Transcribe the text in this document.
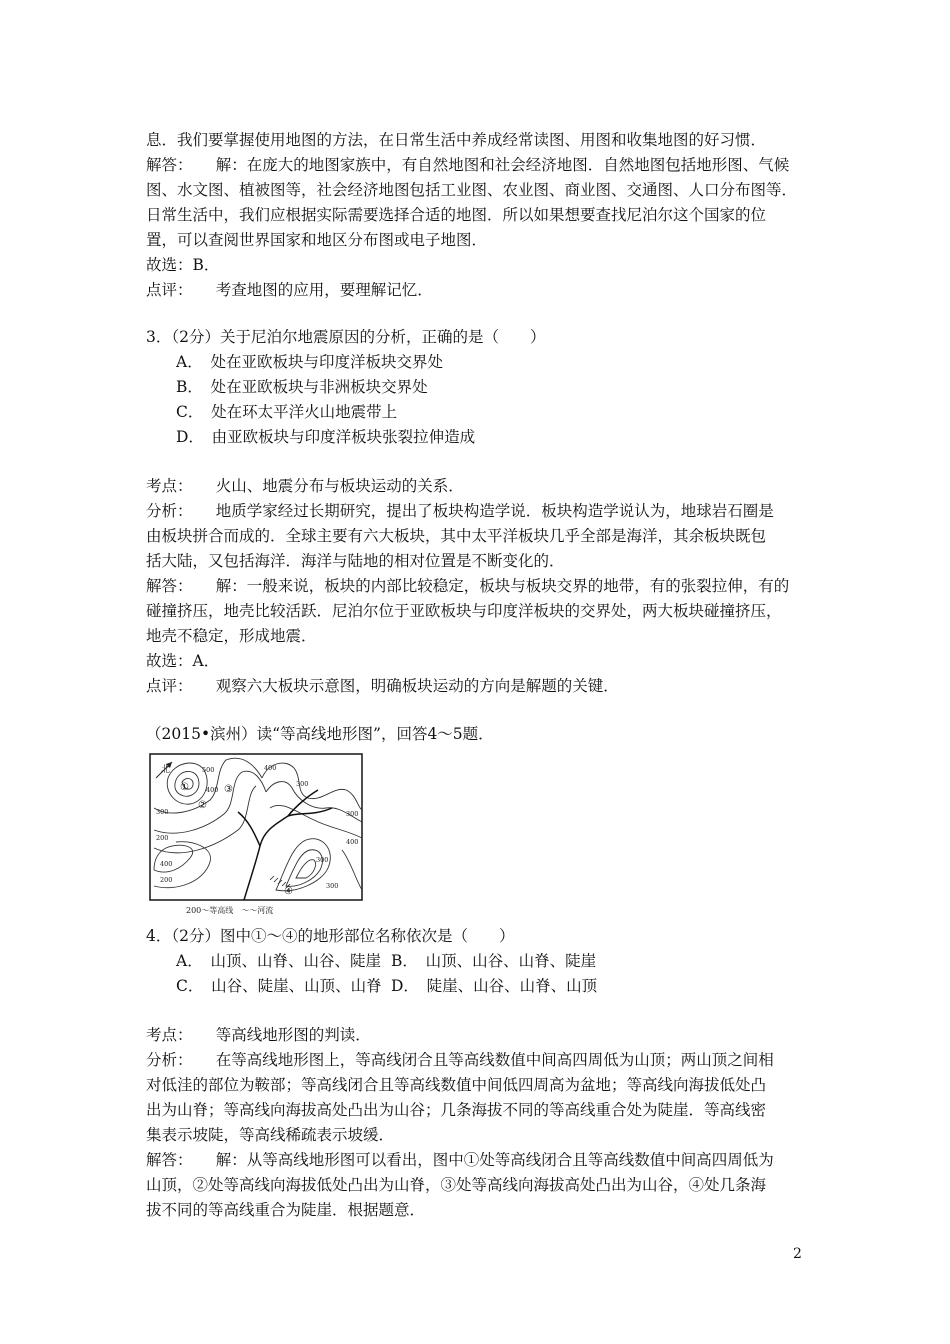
息．我们要掌握使用地图的方法，在日常生活中养成经常读图、用图和收集地图的好习惯．
解答：　　解：在庞大的地图家族中，有自然地图和社会经济地图．自然地图包括地形图、气候
图、水文图、植被图等，社会经济地图包括工业图、农业图、商业图、交通图、人口分布图等．
日常生活中，我们应根据实际需要选择合适的地图．所以如果想要查找尼泊尔这个国家的位
置，可以查阅世界国家和地区分布图或电子地图．
故选：B．
点评：　　考查地图的应用，要理解记忆．
3．（2分）关于尼泊尔地震原因的分析，正确的是（　　）
A．　处在亚欧板块与印度洋板块交界处
B．　处在亚欧板块与非洲板块交界处
C．　处在环太平洋火山地震带上
D．　由亚欧板块与印度洋板块张裂拉伸造成
考点：　　火山、地震分布与板块运动的关系．
分析：　　地质学家经过长期研究，提出了板块构造学说．板块构造学说认为，地球岩石圈是
由板块拼合而成的．全球主要有六大板块，其中太平洋板块几乎全部是海洋，其余板块既包
括大陆，又包括海洋．海洋与陆地的相对位置是不断变化的．
解答：　　解：一般来说，板块的内部比较稳定，板块与板块交界的地带，有的张裂拉伸，有的
碰撞挤压，地壳比较活跃．尼泊尔位于亚欧板块与印度洋板块的交界处，两大板块碰撞挤压，
地壳不稳定，形成地震．
故选：A．
点评：　　观察六大板块示意图，明确板块运动的方向是解题的关键．
（2015•滨州）读“等高线地形图”，回答4～5题．
北
①
②
③
④
500
400
300
400
300
200
400
200
300
300
400
300
200～等高线　～～河流
4．（2分）图中①～④的地形部位名称依次是（　　）
A．　山顶、山脊、山谷、陡崖 B．　山顶、山谷、山脊、陡崖
C．　山谷、陡崖、山顶、山脊 D．　陡崖、山谷、山脊、山顶
考点：　　等高线地形图的判读．
分析：　　在等高线地形图上，等高线闭合且等高线数值中间高四周低为山顶；两山顶之间相
对低洼的部位为鞍部；等高线闭合且等高线数值中间低四周高为盆地；等高线向海拔低处凸
出为山脊；等高线向海拔高处凸出为山谷；几条海拔不同的等高线重合处为陡崖．等高线密
集表示坡陡，等高线稀疏表示坡缓．
解答：　　解：从等高线地形图可以看出，图中①处等高线闭合且等高线数值中间高四周低为
山顶，②处等高线向海拔低处凸出为山脊，③处等高线向海拔高处凸出为山谷，④处几条海
拔不同的等高线重合为陡崖．根据题意．
2
